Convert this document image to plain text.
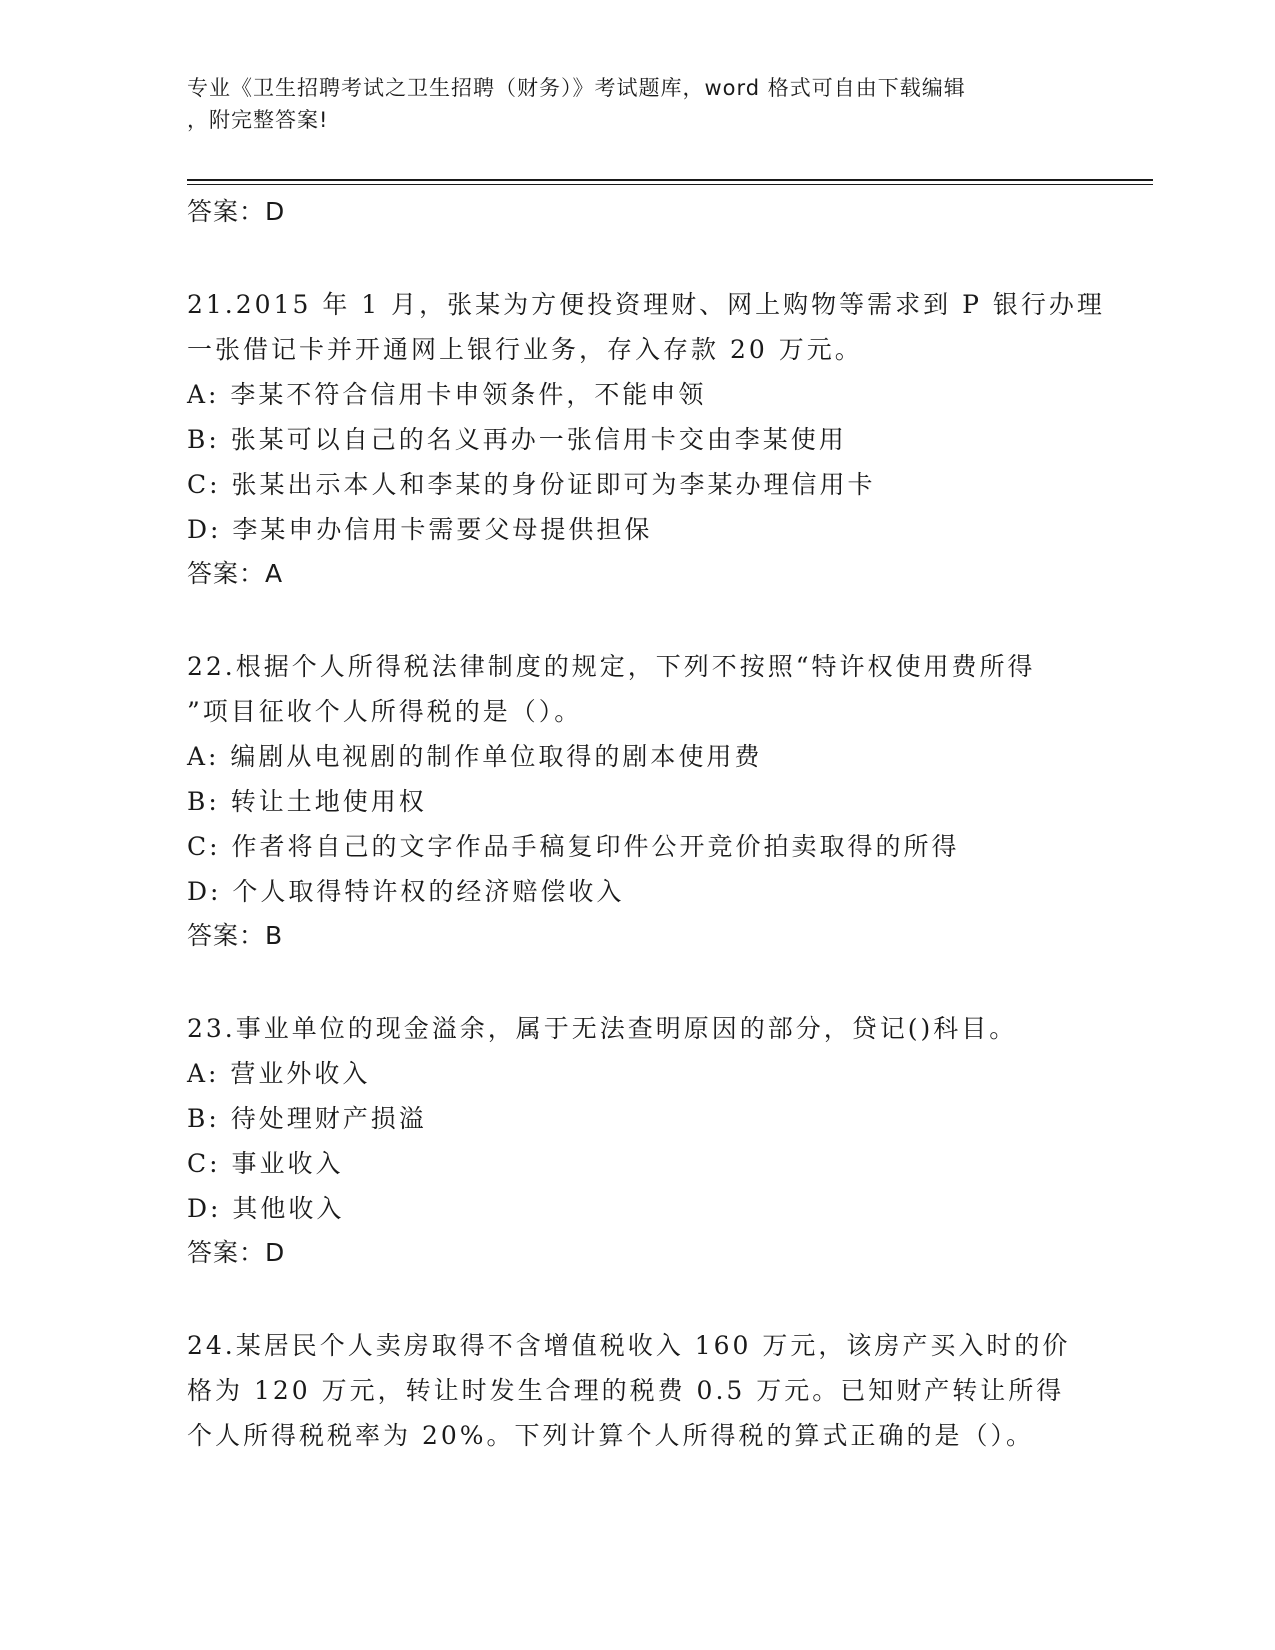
专业《卫生招聘考试之卫生招聘（财务）》考试题库，word 格式可自由下载编辑
，附完整答案!
答案：D
21.2015 年 1 月，张某为方便投资理财、网上购物等需求到 P 银行办理
一张借记卡并开通网上银行业务，存入存款 20 万元。
A: 李某不符合信用卡申领条件，不能申领
B: 张某可以自己的名义再办一张信用卡交由李某使用
C: 张某出示本人和李某的身份证即可为李某办理信用卡
D: 李某申办信用卡需要父母提供担保
答案：A
22.根据个人所得税法律制度的规定，下列不按照“特许权使用费所得
”项目征收个人所得税的是（）。
A: 编剧从电视剧的制作单位取得的剧本使用费
B: 转让土地使用权
C: 作者将自己的文字作品手稿复印件公开竞价拍卖取得的所得
D: 个人取得特许权的经济赔偿收入
答案：B
23.事业单位的现金溢余，属于无法查明原因的部分，贷记()科目。
A: 营业外收入
B: 待处理财产损溢
C: 事业收入
D: 其他收入
答案：D
24.某居民个人卖房取得不含增值税收入 160 万元，该房产买入时的价
格为 120 万元，转让时发生合理的税费 0.5 万元。已知财产转让所得
个人所得税税率为 20%。下列计算个人所得税的算式正确的是（）。
